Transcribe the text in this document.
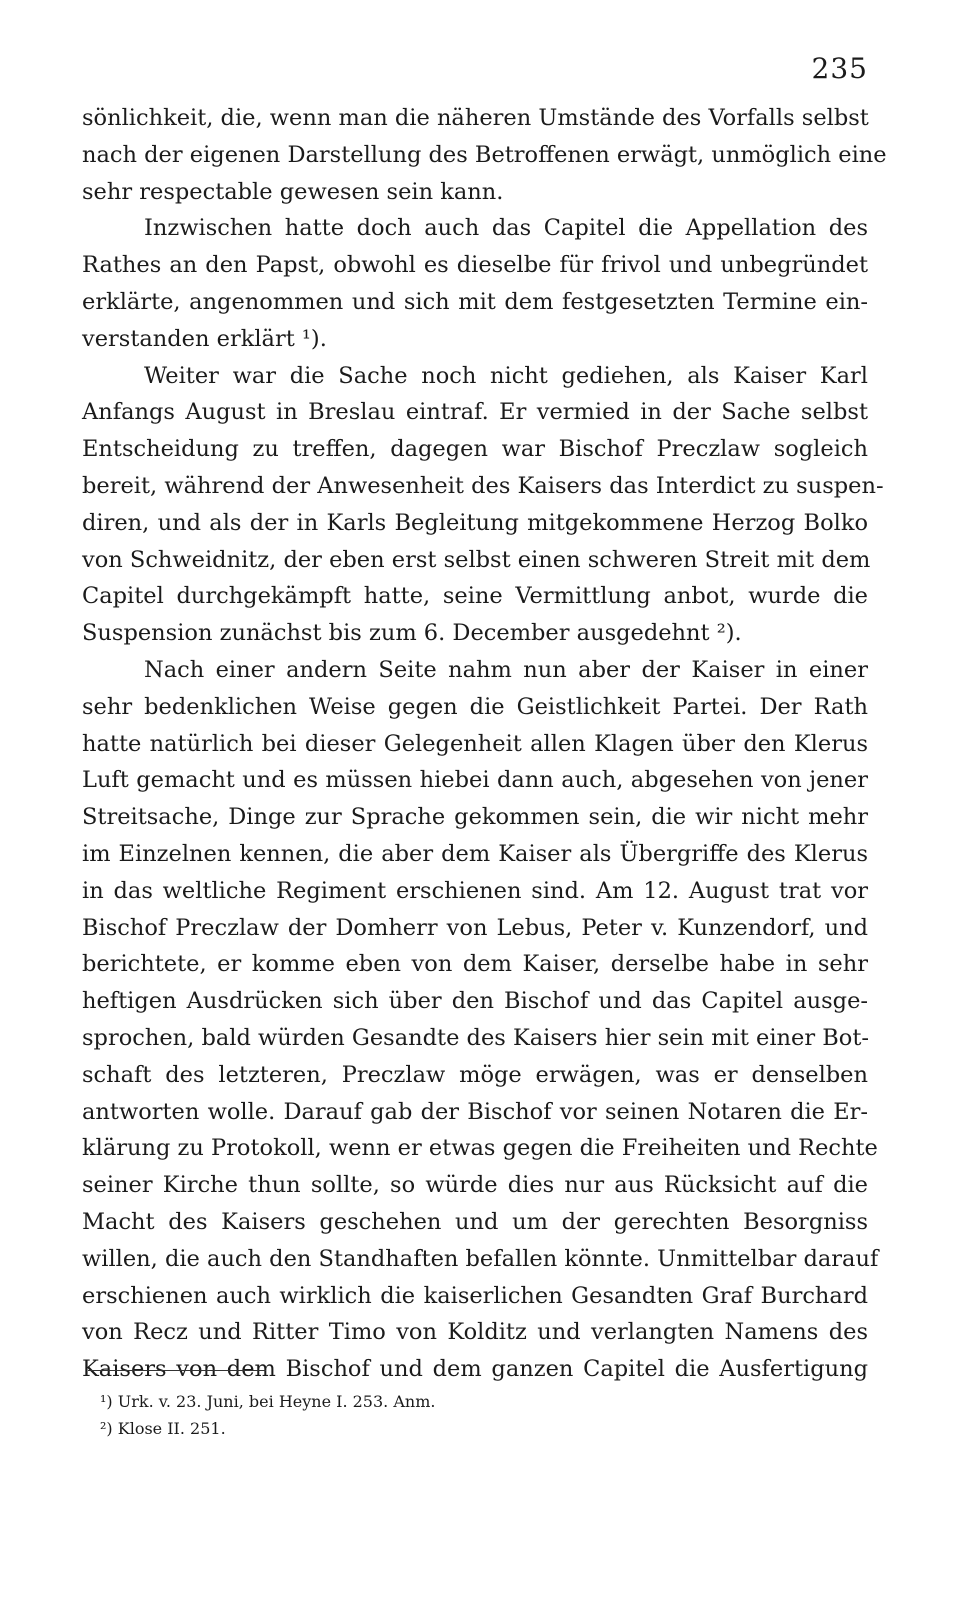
235
sönlichkeit, die, wenn man die näheren Umstände des Vorfalls selbst
nach der eigenen Darstellung des Betroffenen erwägt, unmöglich eine
sehr respectable gewesen sein kann.
Inzwischen hatte doch auch das Capitel die Appellation des
Rathes an den Papst, obwohl es dieselbe für frivol und unbegründet
erklärte, angenommen und sich mit dem festgesetzten Termine ein-
verstanden erklärt ¹).
Weiter war die Sache noch nicht gediehen, als Kaiser Karl
Anfangs August in Breslau eintraf. Er vermied in der Sache selbst
Entscheidung zu treffen, dagegen war Bischof Preczlaw sogleich
bereit, während der Anwesenheit des Kaisers das Interdict zu suspen-
diren, und als der in Karls Begleitung mitgekommene Herzog Bolko
von Schweidnitz, der eben erst selbst einen schweren Streit mit dem
Capitel durchgekämpft hatte, seine Vermittlung anbot, wurde die
Suspension zunächst bis zum 6. December ausgedehnt ²).
Nach einer andern Seite nahm nun aber der Kaiser in einer
sehr bedenklichen Weise gegen die Geistlichkeit Partei. Der Rath
hatte natürlich bei dieser Gelegenheit allen Klagen über den Klerus
Luft gemacht und es müssen hiebei dann auch, abgesehen von jener
Streitsache, Dinge zur Sprache gekommen sein, die wir nicht mehr
im Einzelnen kennen, die aber dem Kaiser als Übergriffe des Klerus
in das weltliche Regiment erschienen sind. Am 12. August trat vor
Bischof Preczlaw der Domherr von Lebus, Peter v. Kunzendorf, und
berichtete, er komme eben von dem Kaiser, derselbe habe in sehr
heftigen Ausdrücken sich über den Bischof und das Capitel ausge-
sprochen, bald würden Gesandte des Kaisers hier sein mit einer Bot-
schaft des letzteren, Preczlaw möge erwägen, was er denselben
antworten wolle. Darauf gab der Bischof vor seinen Notaren die Er-
klärung zu Protokoll, wenn er etwas gegen die Freiheiten und Rechte
seiner Kirche thun sollte, so würde dies nur aus Rücksicht auf die
Macht des Kaisers geschehen und um der gerechten Besorgniss
willen, die auch den Standhaften befallen könnte. Unmittelbar darauf
erschienen auch wirklich die kaiserlichen Gesandten Graf Burchard
von Recz und Ritter Timo von Kolditz und verlangten Namens des
Kaisers von dem Bischof und dem ganzen Capitel die Ausfertigung
¹) Urk. v. 23. Juni, bei Heyne I. 253. Anm.
²) Klose II. 251.
